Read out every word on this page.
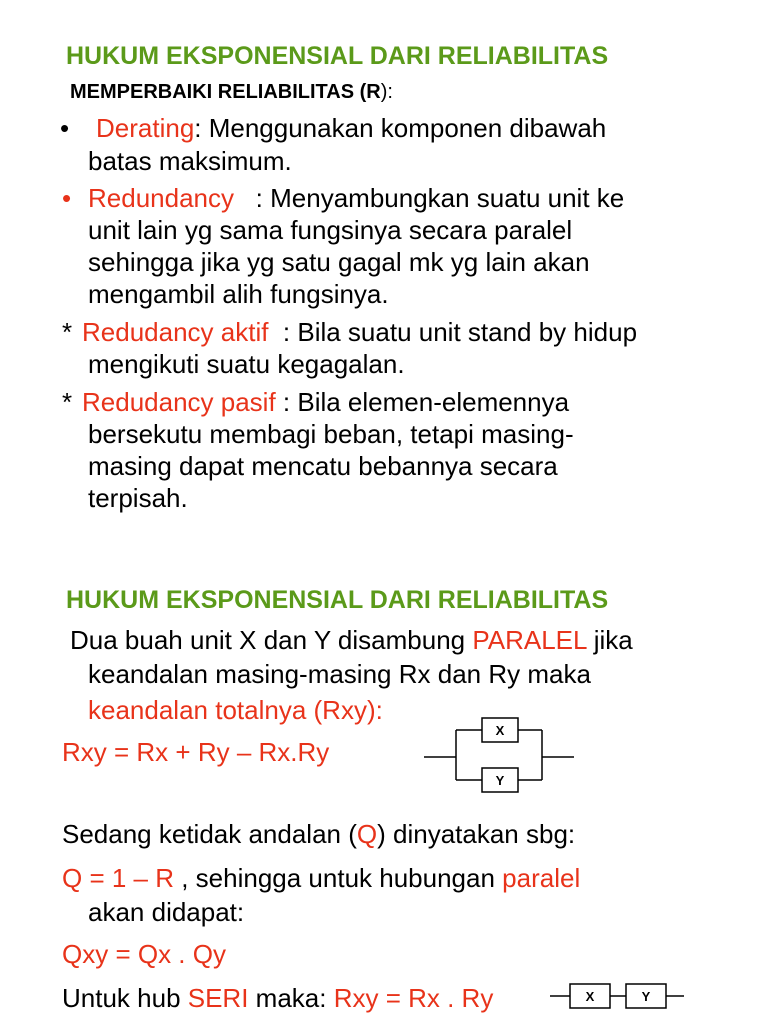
HUKUM EKSPONENSIAL DARI RELIABILITAS
MEMPERBAIKI RELIABILITAS (R):
• Derating: Menggunakan komponen dibawah
batas maksimum.
• Redundancy   : Menyambungkan suatu unit ke
unit lain yg sama fungsinya secara paralel
sehingga jika yg satu gagal mk yg lain akan
mengambil alih fungsinya.
* Redudancy aktif  : Bila suatu unit stand by hidup
mengikuti suatu kegagalan.
* Redudancy pasif : Bila elemen-elemennya
bersekutu membagi beban, tetapi masing-
masing dapat mencatu bebannya secara
terpisah.
HUKUM EKSPONENSIAL DARI RELIABILITAS
Dua buah unit X dan Y disambung PARALEL jika
keandalan masing-masing Rx dan Ry maka
keandalan totalnya (Rxy):
Rxy = Rx + Ry – Rx.Ry
X
Y
Sedang ketidak andalan (Q) dinyatakan sbg:
Q = 1 – R , sehingga untuk hubungan paralel
akan didapat:
Qxy = Qx . Qy
Untuk hub SERI maka: Rxy = Rx . Ry	X	Y
